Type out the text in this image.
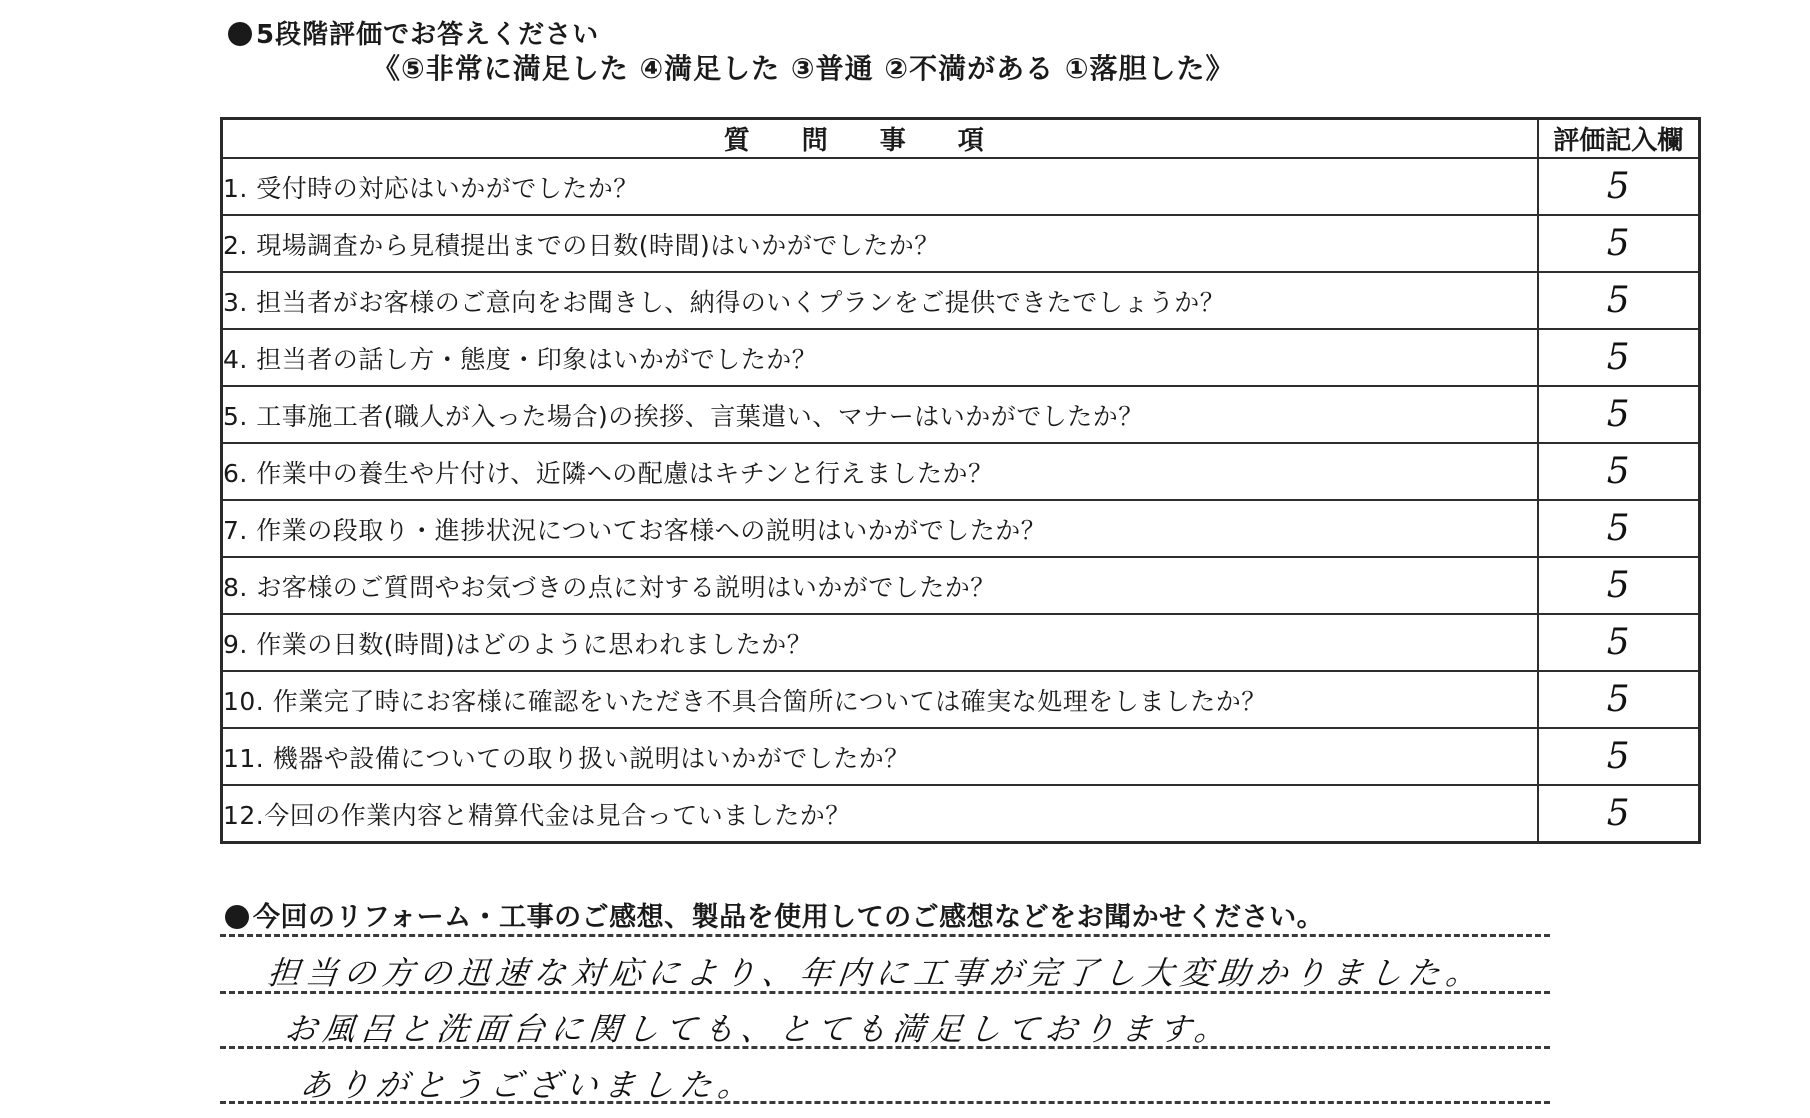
5段階評価でお答えください
《⑤非常に満足した ④満足した ③普通 ②不満がある ①落胆した》
質問事項	評価記入欄
1. 受付時の対応はいかがでしたか？	5
2. 現場調査から見積提出までの日数(時間)はいかがでしたか？	5
3. 担当者がお客様のご意向をお聞きし、納得のいくプランをご提供できたでしょうか？	5
4. 担当者の話し方・態度・印象はいかがでしたか？	5
5. 工事施工者(職人が入った場合)の挨拶、言葉遣い、マナーはいかがでしたか？	5
6. 作業中の養生や片付け、近隣への配慮はキチンと行えましたか？	5
7. 作業の段取り・進捗状況についてお客様への説明はいかがでしたか？	5
8. お客様のご質問やお気づきの点に対する説明はいかがでしたか？	5
9. 作業の日数(時間)はどのように思われましたか？	5
10. 作業完了時にお客様に確認をいただき不具合箇所については確実な処理をしましたか？	5
11. 機器や設備についての取り扱い説明はいかがでしたか？	5
12.今回の作業内容と精算代金は見合っていましたか？	5
今回のリフォーム・工事のご感想、製品を使用してのご感想などをお聞かせください。
担当の方の迅速な対応により、年内に工事が完了し大変助かりました。
お風呂と洗面台に関しても、とても満足しております。
ありがとうございました。
